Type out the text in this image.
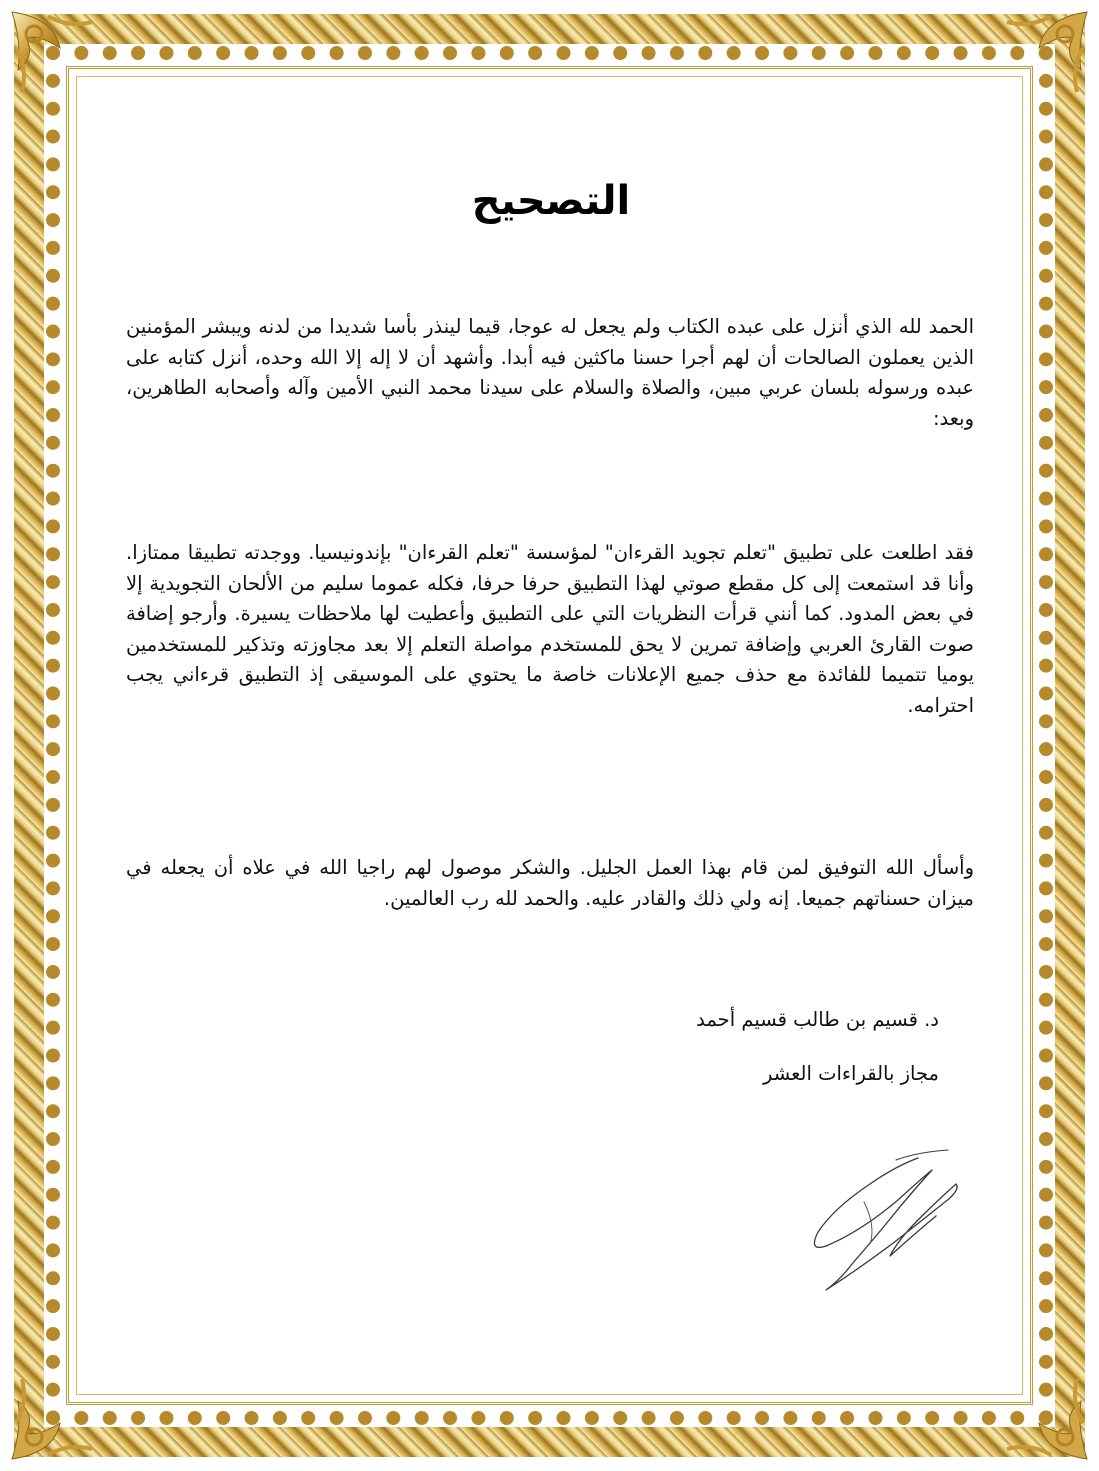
التصحيح

الحمد لله الذي أنزل على عبده الكتاب ولم يجعل له عوجا، قيما لينذر بأسا شديدا من لدنه ويبشر المؤمنين الذين يعملون الصالحات أن لهم أجرا حسنا ماكثين فيه أبدا. وأشهد أن لا إله إلا الله وحده، أنزل كتابه على عبده ورسوله بلسان عربي مبين، والصلاة والسلام على سيدنا محمد النبي الأمين وآله وأصحابه الطاهرين، وبعد:

فقد اطلعت على تطبيق "تعلم تجويد القرءان" لمؤسسة "تعلم القرءان" بإندونيسيا. ووجدته تطبيقا ممتازا. وأنا قد استمعت إلى كل مقطع صوتي لهذا التطبيق حرفا حرفا، فكله عموما سليم من الألحان التجويدية إلا في بعض المدود. كما أنني قرأت النظريات التي على التطبيق وأعطيت لها ملاحظات يسيرة. وأرجو إضافة صوت القارئ العربي وإضافة تمرين لا يحق للمستخدم مواصلة التعلم إلا بعد مجاوزته وتذكير للمستخدمين يوميا تتميما للفائدة مع حذف جميع الإعلانات خاصة ما يحتوي على الموسيقى إذ التطبيق قرءاني يجب احترامه.

وأسأل الله التوفيق لمن قام بهذا العمل الجليل. والشكر موصول لهم راجيا الله في علاه أن يجعله في ميزان حسناتهم جميعا. إنه ولي ذلك والقادر عليه. والحمد لله رب العالمين.

د. قسيم بن طالب قسيم أحمد

مجاز بالقراءات العشر
